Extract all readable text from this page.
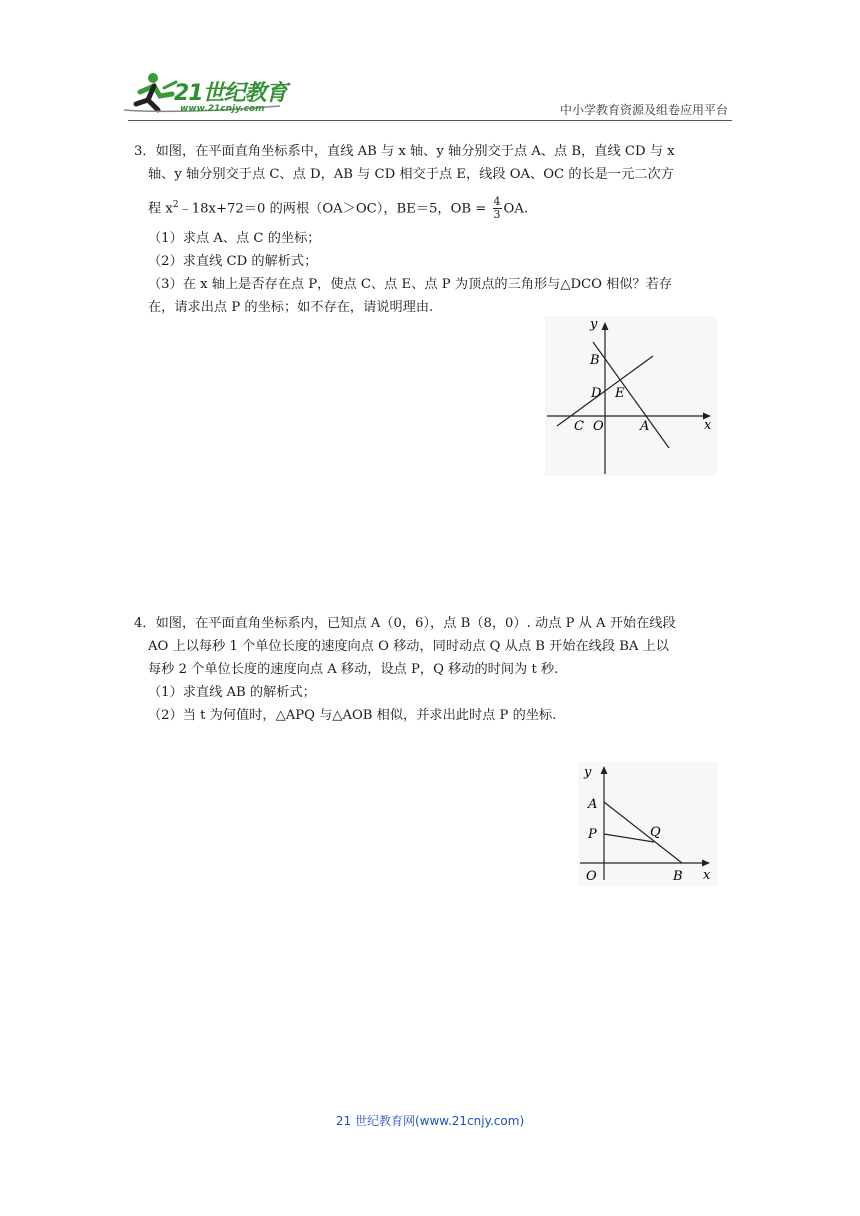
21世纪教育
www.21cnjy.com	中小学教育资源及组卷应用平台

3．如图，在平面直角坐标系中，直线 AB 与 x 轴、y 轴分别交于点 A、点 B，直线 CD 与 x

轴、y 轴分别交于点 C、点 D，AB 与 CD 相交于点 E，线段 OA、OC 的长是一元二次方

程 $x^2﹣18x+72=0$ 的两根（OA＞OC），BE＝5，OB = $\frac{4}{3}$ OA.

（1）求点 A、点 C 的坐标；

（2）求直线 CD 的解析式；

（3）在 x 轴上是否存在点 P，使点 C、点 E、点 P 为顶点的三角形与△DCO 相似？若存

在，请求出点 P 的坐标；如不存在，请说明理由.

y
x
B
D E
C O	A

4．如图，在平面直角坐标系内，已知点 A（0，6），点 B（8，0）. 动点 P 从 A 开始在线段

AO 上以每秒 1 个单位长度的速度向点 O 移动，同时动点 Q 从点 B 开始在线段 BA 上以

每秒 2 个单位长度的速度向点 A 移动，设点 P，Q 移动的时间为 t 秒.

（1）求直线 AB 的解析式；

（2）当 t 为何值时，△APQ 与△AOB 相似，并求出此时点 P 的坐标.

y
x
A
P	Q
O	B
21 世纪教育网(www.21cnjy.com)
